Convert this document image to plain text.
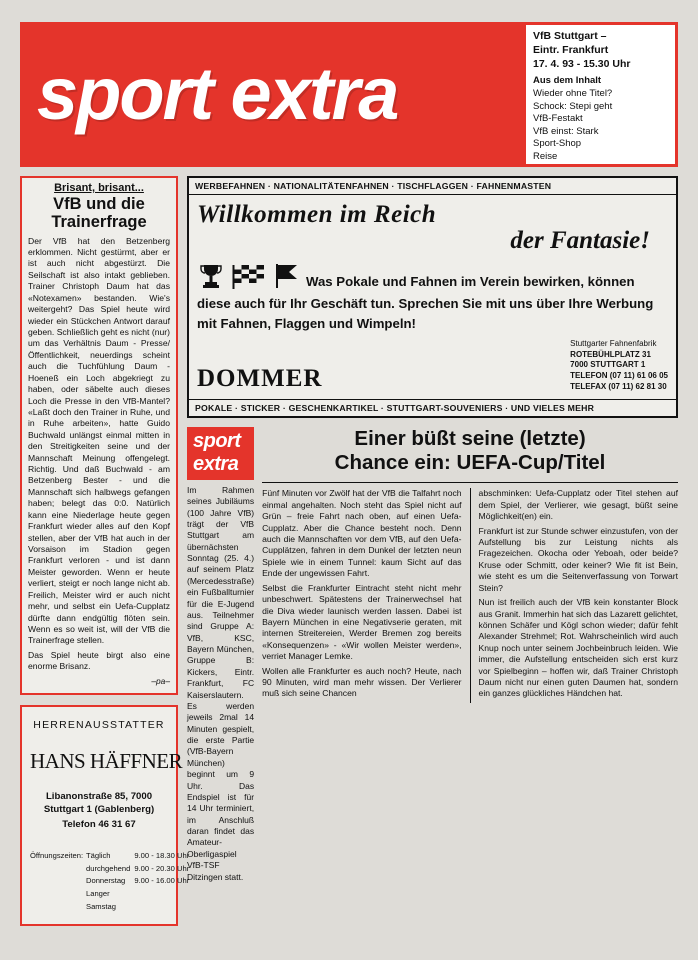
sport extra
VfB Stuttgart –
Eintr. Frankfurt
17. 4. 93 - 15.30 Uhr
Aus dem Inhalt
Wieder ohne Titel?
Schock: Stepi geht
VfB-Festakt
VfB einst: Stark
Sport-Shop
Reise
Brisant, brisant...
VfB und die Trainerfrage

Der VfB hat den Betzenberg erklommen. Nicht gestürmt, aber er ist auch nicht abgestürzt. Die Seilschaft ist also intakt geblieben. Trainer Christoph Daum hat das «Notexamen» bestanden. Wie's weitergeht? Das Spiel heute wird wieder ein Stückchen Antwort darauf geben. Schließlich geht es nicht (nur) um das Verhältnis Daum - Presse/Öffentlichkeit, neuerdings scheint auch die Tuchfühlung Daum - Hoeneß ein Loch abgekriegt zu haben, oder säbelte auch dieses Loch die Presse in den VfB-Mantel? «Laßt doch den Trainer in Ruhe, und in Ruhe arbeiten», hatte Guido Buchwald unlängst einmal mitten in den Streitigkeiten seine und der Mannschaft Meinung offengelegt. Richtig. Und daß Buchwald - am Betzenberg Bester - und die Mannschaft sich halbwegs gefangen haben; belegt das 0:0. Natürlich kann eine Niederlage heute gegen Frankfurt wieder alles auf den Kopf stellen, aber der VfB hat auch in der Vorsaison im Stadion gegen Frankfurt verloren - und ist dann Meister geworden. Wenn er heute verliert, steigt er noch lange nicht ab. Freilich, Meister wird er auch nicht mehr, und selbst ein Uefa-Cupplatz dürfte dann endgültig flöten sein. Wenn es so weit ist, will der VfB die Trainerfrage stellen.

Das Spiel heute birgt also eine enorme Brisanz.

–pa–
HERRENAUSSTATTER
HANS HÄFFNER
Libanonstraße 85, 7000 Stuttgart 1 (Gablenberg)
Telefon 46 31 67
Öffnungszeiten: Täglich durchgehend
Donnerstag
Langer Samstag
9.00 - 18.30 Uhr
9.00 - 20.30 Uhr
9.00 - 16.00 Uhr
WERBEFAHNEN · NATIONALITÄTENFAHNEN · TISCHFLAGGEN · FAHNENMASTEN
Willkommen im Reich
der Fantasie!
Was Pokale und Fahnen im Verein bewirken, können diese auch für Ihr Geschäft tun. Sprechen Sie mit uns über Ihre Werbung mit Fahnen, Flaggen und Wimpeln!
DOMMER
Stuttgarter Fahnenfabrik
ROTEBÜHLPLATZ 31
7000 STUTTGART 1
TELEFON (07 11) 61 06 05
TELEFAX (07 11) 62 81 30
POKALE · STICKER · GESCHENKARTIKEL · STUTTGART-SOUVENIERS · UND VIELES MEHR
sport extra
Im Rahmen seines Jubiläums (100 Jahre VfB) trägt der VfB Stuttgart am übernächsten Sonntag (25. 4.) auf seinem Platz (Mercedesstraße) ein Fußballturnier für die E-Jugend aus. Teilnehmer sind Gruppe A: VfB, KSC, Bayern München, Gruppe B: Kickers, Eintr. Frankfurt, FC Kaiserslautern. Es werden jeweils 2mal 14 Minuten gespielt, die erste Partie (VfB-Bayern München) beginnt um 9 Uhr. Das Endspiel ist für 14 Uhr terminiert, im Anschluß daran findet das Amateur-Oberligaspiel VfB-TSF Ditzingen statt.
Einer büßt seine (letzte)
Chance ein: UEFA-Cup/Titel

Fünf Minuten vor Zwölf hat der VfB die Talfahrt noch einmal angehalten. Noch steht das Spiel nicht auf Grün – freie Fahrt nach oben, auf einen Uefa-Cupplatz. Aber die Chance besteht noch. Denn auch die Mannschaften vor dem VfB, auf den Uefa-Cupplätzen, fahren in dem Dunkel der letzten neun Spiele wie in einem Tunnel: kaum Sicht auf das Ende der ungewissen Fahrt.

Selbst die Frankfurter Eintracht steht nicht mehr unbeschwert. Spätestens der Trainerwechsel hat die Diva wieder launisch werden lassen. Dabei ist Bayern München in eine Negativserie geraten, mit internen Streitereien, Werder Bremen zog bereits «Konsequenzen» - «Wir wollen Meister werden», verriet Manager Lemke.

Wollen alle Frankfurter es auch noch? Heute, nach 90 Minuten, wird man mehr wissen. Der Verlierer muß sich seine Chancen

abschminken: Uefa-Cupplatz oder Titel stehen auf dem Spiel, der Verlierer, wie gesagt, büßt seine Möglichkeit(en) ein.

Frankfurt ist zur Stunde schwer einzustufen, von der Aufstellung bis zur Leistung nichts als Fragezeichen. Okocha oder Yeboah, oder beide? Kruse oder Schmitt, oder keiner? Wie fit ist Bein, wie steht es um die Seitenverfassung von Torwart Stein?

Nun ist freilich auch der VfB kein konstanter Block aus Granit. Immerhin hat sich das Lazarett gelichtet, können Schäfer und Kögl schon wieder; dafür fehlt Alexander Strehmel; Rot. Wahrscheinlich wird auch Knup noch unter seinem Jochbeinbruch leiden. Wie immer, die Aufstellung entscheiden sich erst kurz vor Spielbeginn – hoffen wir, daß Trainer Christoph Daum nicht nur einen guten Daumen hat, sondern ein ganzes glückliches Händchen hat.
